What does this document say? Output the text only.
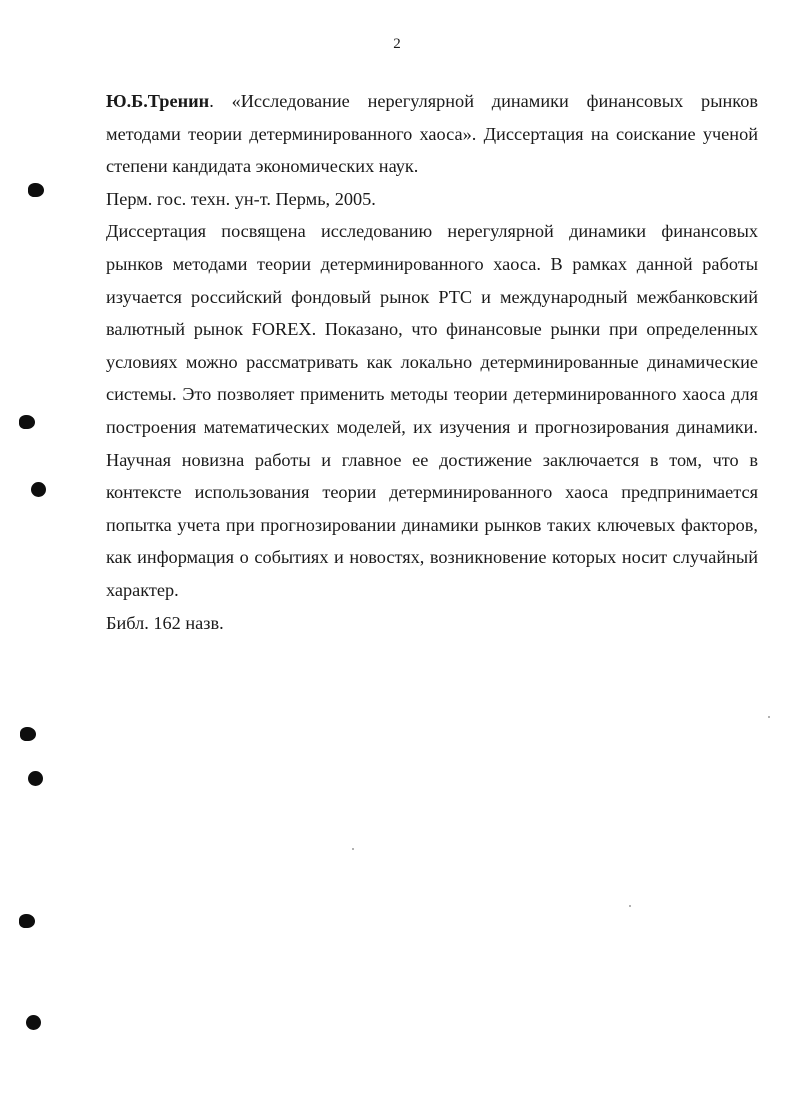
2

Ю.Б.Тренин. «Исследование нерегулярной динамики финансовых рынков методами теории детерминированного хаоса». Диссертация на соискание ученой степени кандидата экономических наук.

Перм. гос. техн. ун-т. Пермь, 2005.

Диссертация посвящена исследованию нерегулярной динамики финансовых рынков методами теории детерминированного хаоса. В рамках данной работы изучается российский фондовый рынок РТС и международный межбанковский валютный рынок FOREX. Показано, что финансовые рынки при определенных условиях можно рассматривать как локально детерминированные динамические системы. Это позволяет применить методы теории детерминированного хаоса для построения математических моделей, их изучения и прогнозирования динамики. Научная новизна работы и главное ее достижение заключается в том, что в контексте использования теории детерминированного хаоса предпринимается попытка учета при прогнозировании динамики рынков таких ключевых факторов, как информация о событиях и новостях, возникновение которых носит случайный характер.

Библ. 162 назв.
